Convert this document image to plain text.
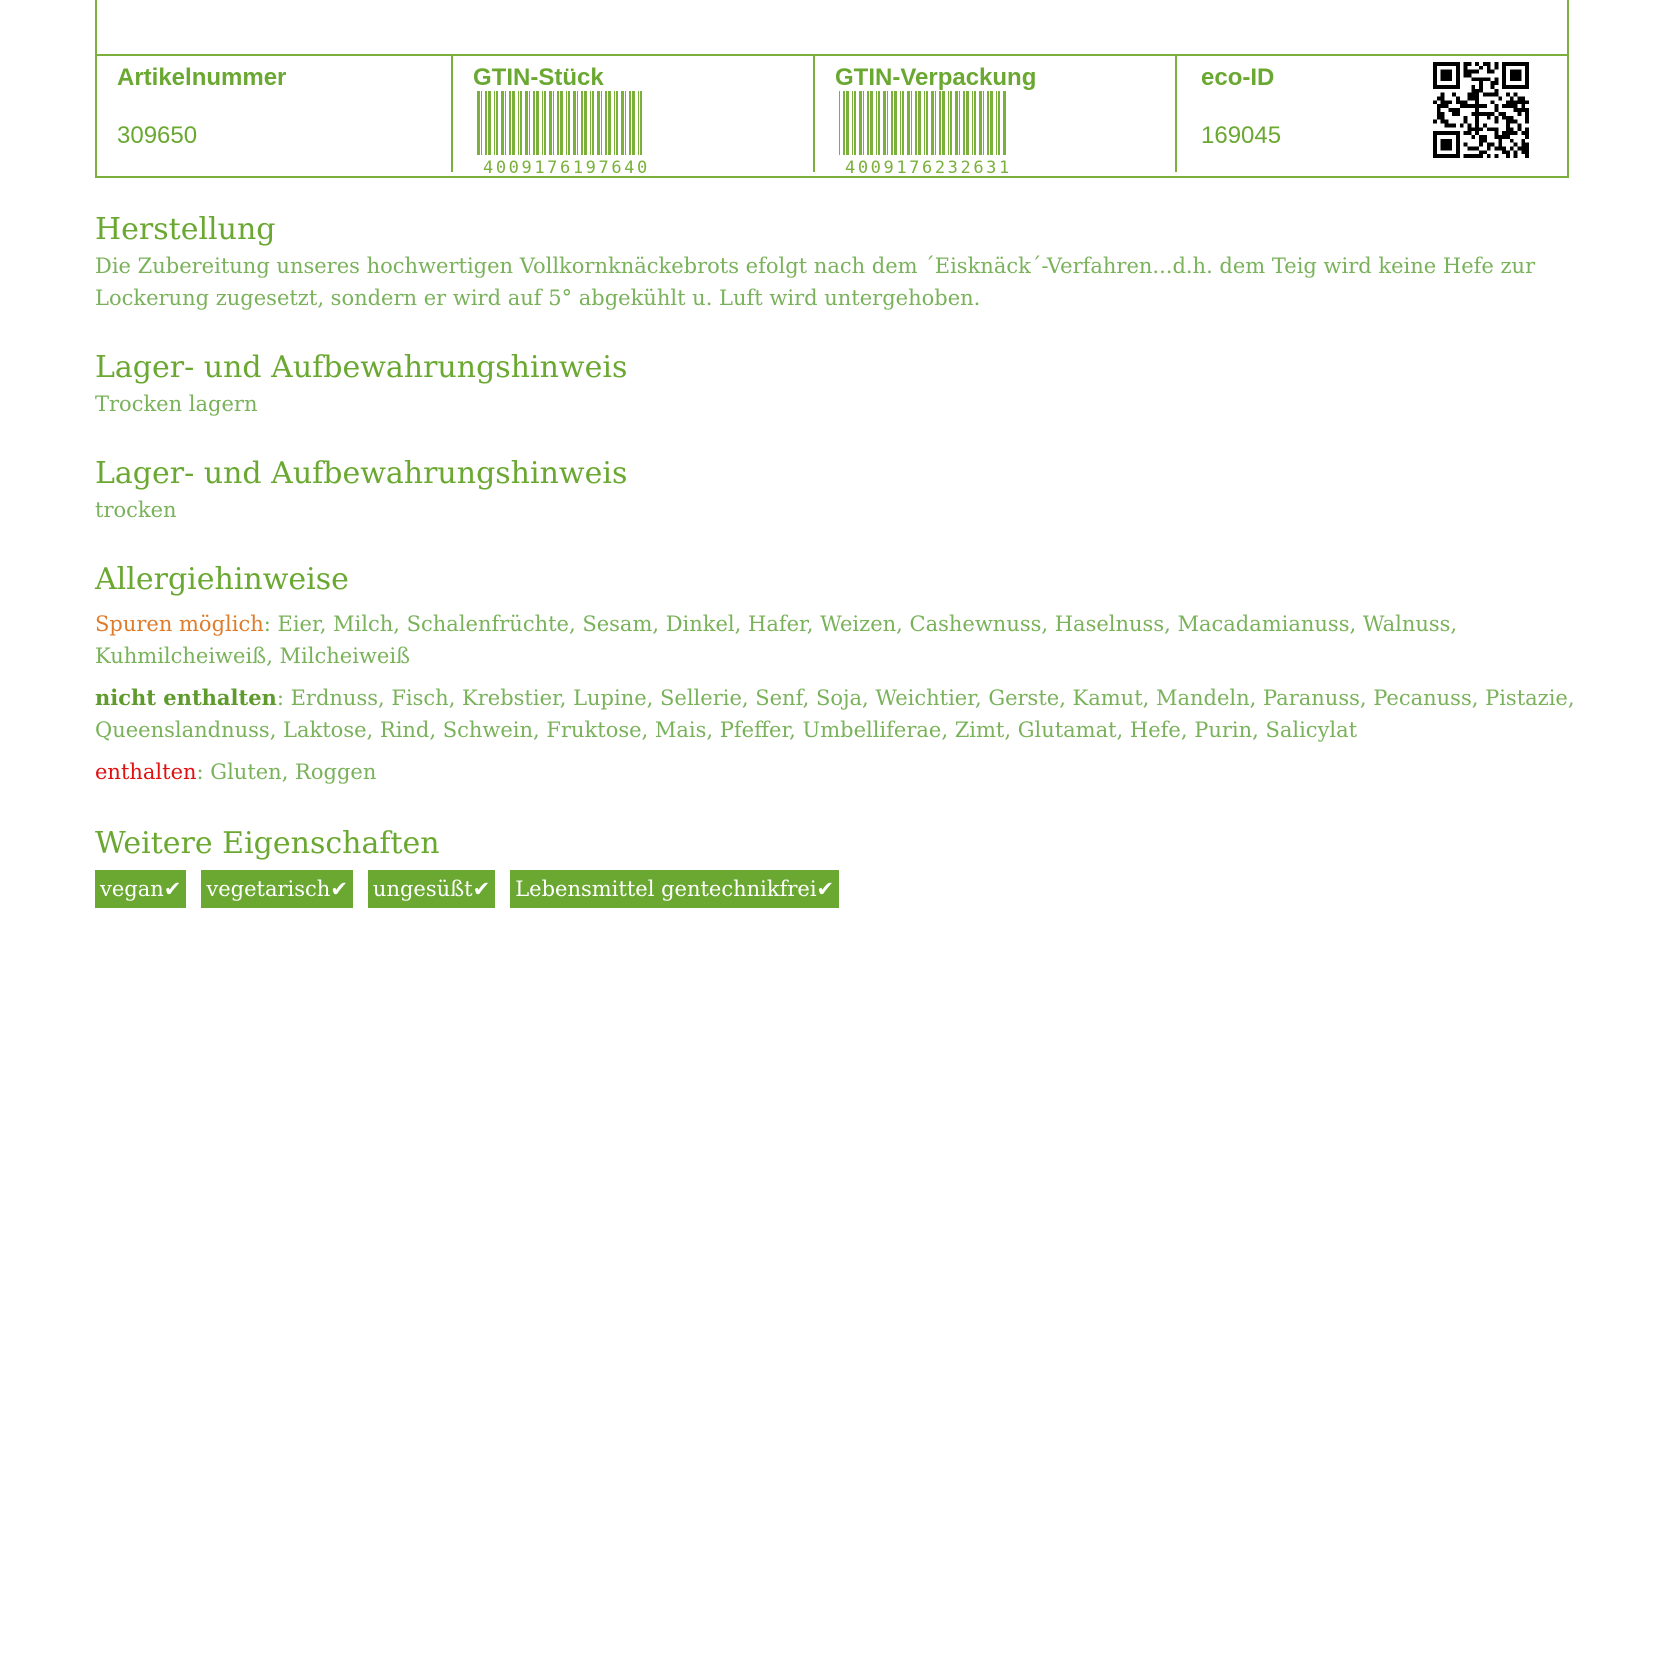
Artikelnummer
309650
GTIN-Stück
4009176197640
GTIN-Verpackung
4009176232631
eco-ID
169045
Herstellung

Die Zubereitung unseres hochwertigen Vollkornknäckebrots efolgt nach dem ´Eisknäck´-Verfahren...d.h. dem Teig wird keine Hefe zur Lockerung zugesetzt, sondern er wird auf 5° abgekühlt u. Luft wird untergehoben.

Lager- und Aufbewahrungshinweis

Trocken lagern

Lager- und Aufbewahrungshinweis

trocken

Allergiehinweise

Spuren möglich: Eier, Milch, Schalenfrüchte, Sesam, Dinkel, Hafer, Weizen, Cashewnuss, Haselnuss, Macadamianuss, Walnuss, Kuhmilcheiweiß, Milcheiweiß

nicht enthalten: Erdnuss, Fisch, Krebstier, Lupine, Sellerie, Senf, Soja, Weichtier, Gerste, Kamut, Mandeln, Paranuss, Pecanuss, Pistazie, Queenslandnuss, Laktose, Rind, Schwein, Fruktose, Mais, Pfeffer, Umbelliferae, Zimt, Glutamat, Hefe, Purin, Salicylat

enthalten: Gluten, Roggen

Weitere Eigenschaften
vegan✔ vegetarisch✔ ungesüßt✔ Lebensmittel gentechnikfrei✔
